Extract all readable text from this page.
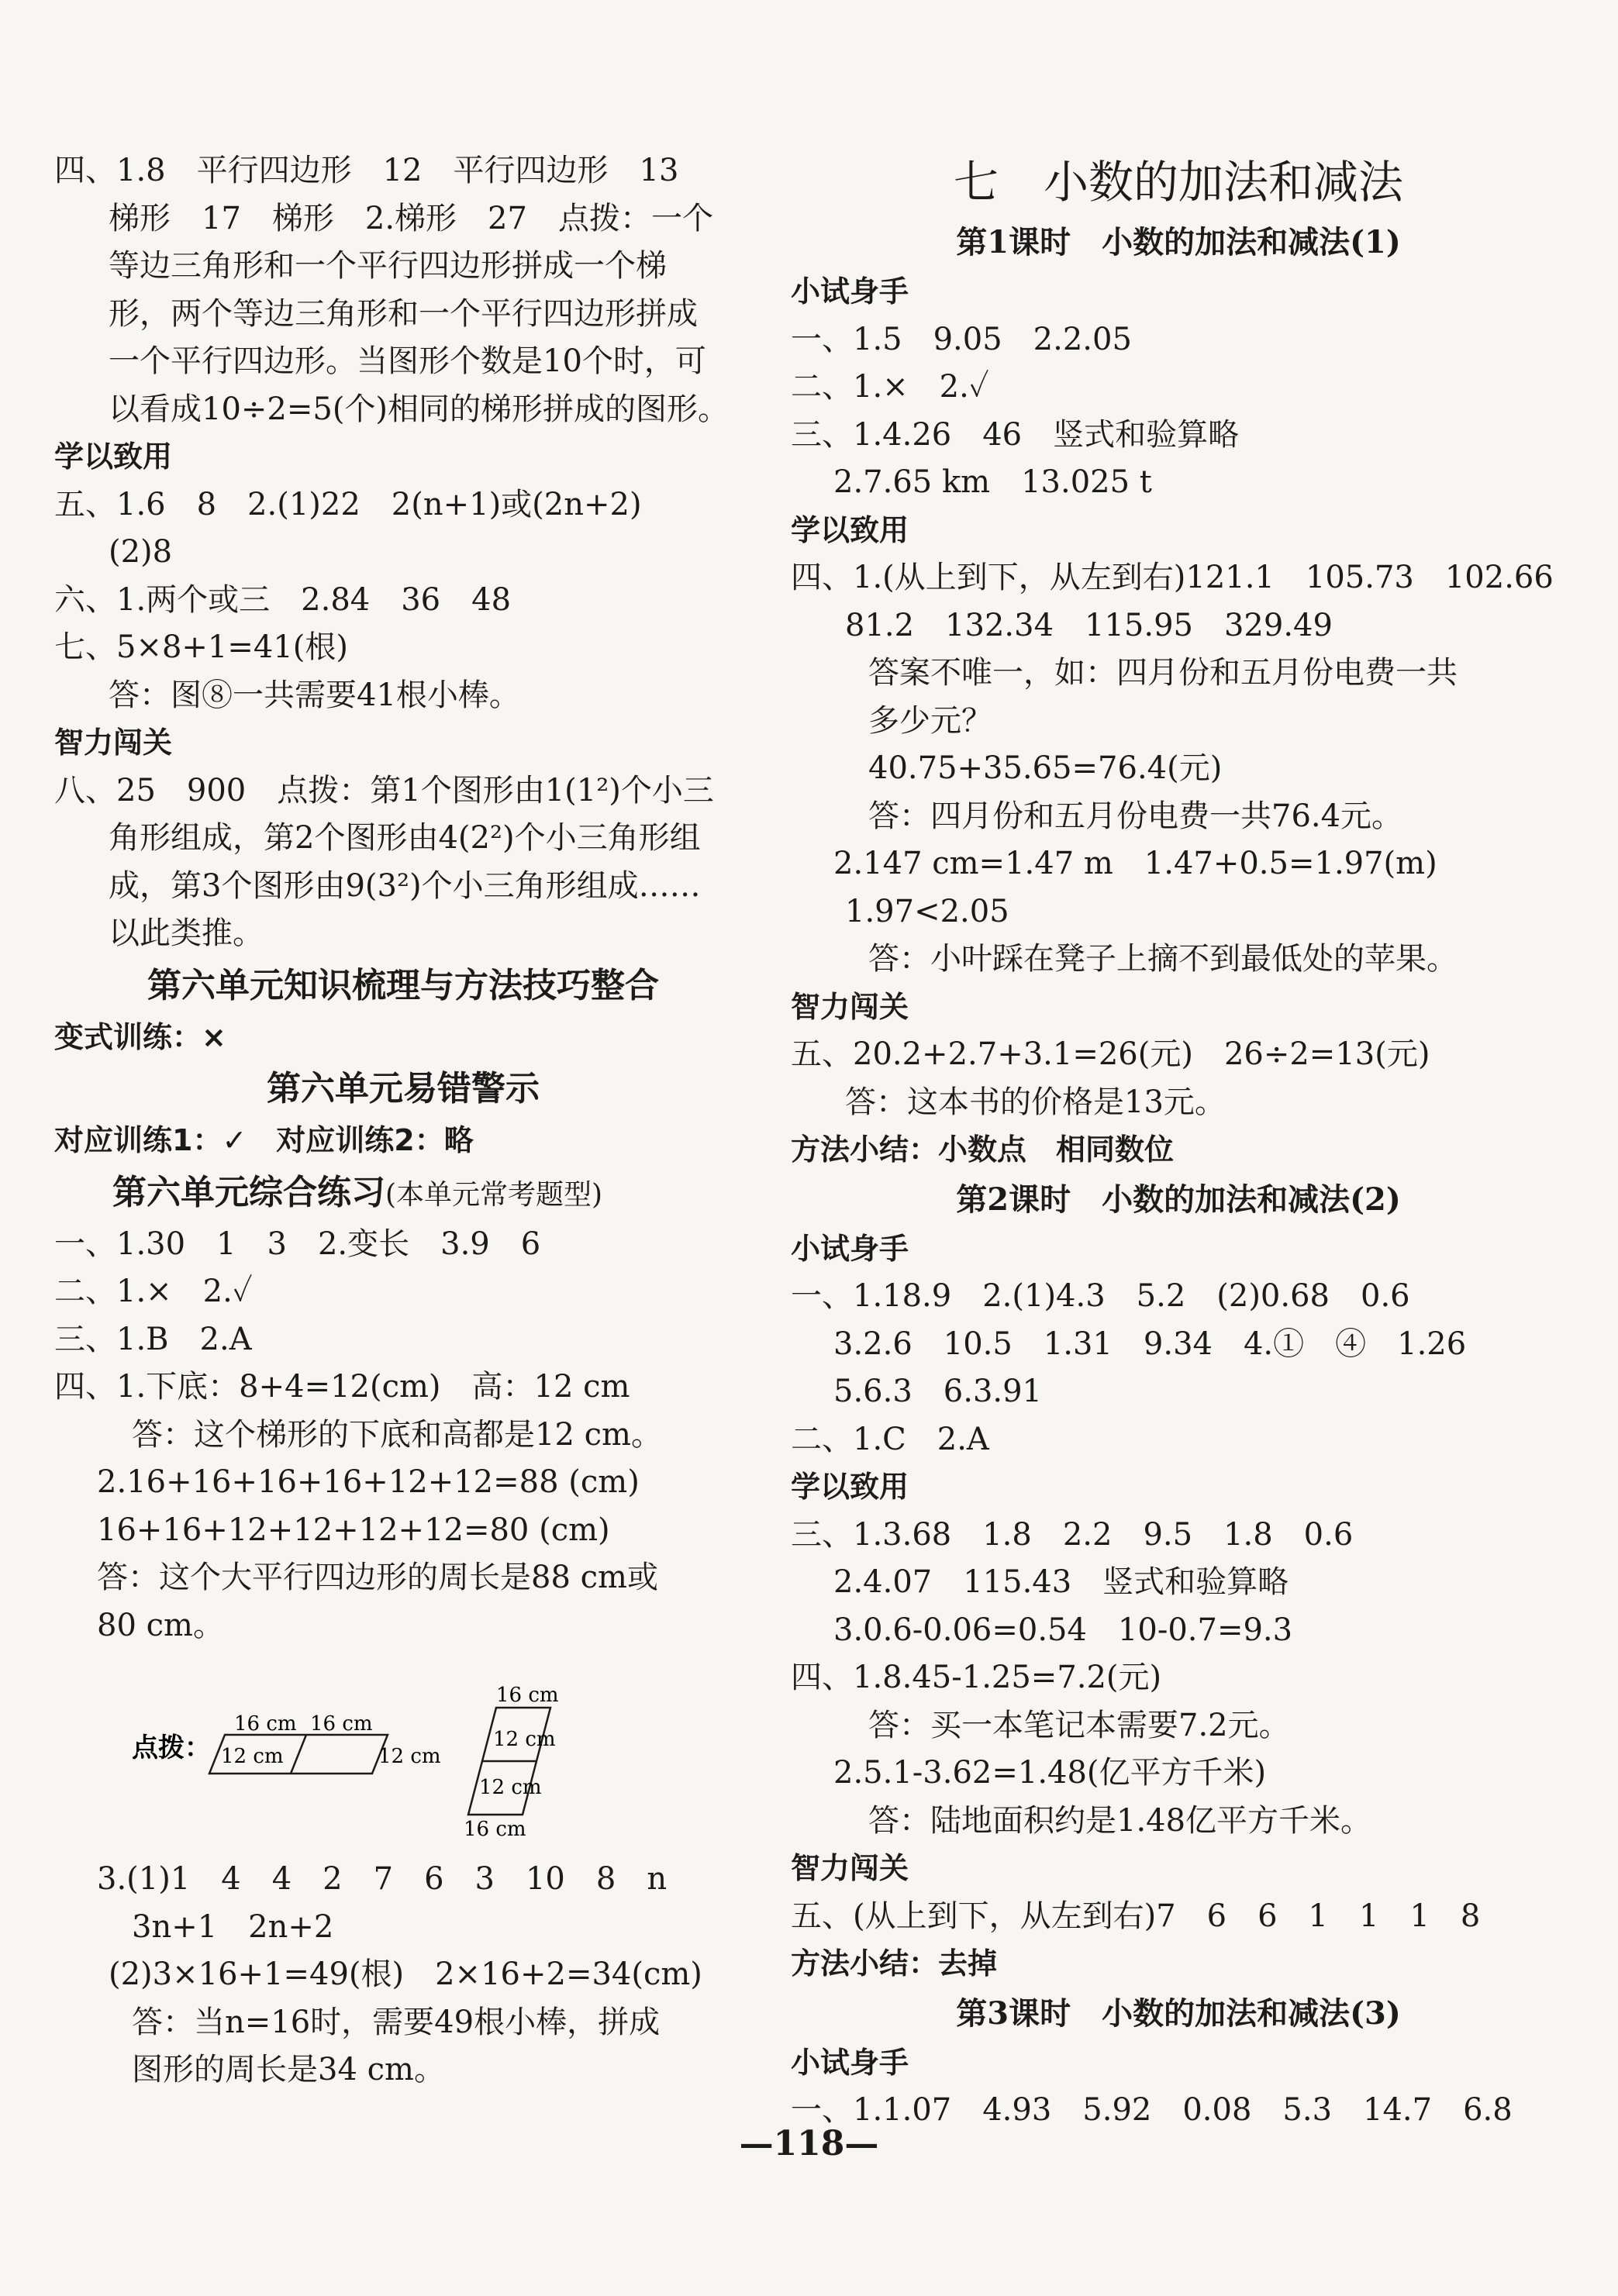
四、1.8　平行四边形　12　平行四边形　13
梯形　17　梯形　2.梯形　27　点拨：一个
等边三角形和一个平行四边形拼成一个梯
形，两个等边三角形和一个平行四边形拼成
一个平行四边形。当图形个数是10个时，可
以看成10÷2=5(个)相同的梯形拼成的图形。
学以致用
五、1.6　8　2.(1)22　2(n+1)或(2n+2)
(2)8
六、1.两个或三　2.84　36　48
七、5×8+1=41(根)
答：图⑧一共需要41根小棒。
智力闯关
八、25　900　点拨：第1个图形由1(1²)个小三
角形组成，第2个图形由4(2²)个小三角形组
成，第3个图形由9(3²)个小三角形组成……
以此类推。
第六单元知识梳理与方法技巧整合
变式训练：×
第六单元易错警示
对应训练1：✓　对应训练2：略
第六单元综合练习(本单元常考题型)
一、1.30　1　3　2.变长　3.9　6
二、1.×　2.✓
三、1.B　2.A
四、1.下底：8+4=12(cm)　高：12 cm
答：这个梯形的下底和高都是12 cm。
2.16+16+16+16+12+12=88 (cm)
16+16+12+12+12+12=80 (cm)
答：这个大平行四边形的周长是88 cm或
80 cm。
点拨：
16 cm 16 cm
12 cm	12 cm
16 cm
12 cm
12 cm
16 cm
3.(1)1　4　4　2　7　6　3　10　8　n
3n+1　2n+2
(2)3×16+1=49(根)　2×16+2=34(cm)
答：当n=16时，需要49根小棒，拼成
图形的周长是34 cm。
七　小数的加法和减法
第1课时　小数的加法和减法(1)
小试身手
一、1.5　9.05　2.2.05
二、1.×　2.✓
三、1.4.26　46　竖式和验算略
2.7.65 km　13.025 t
学以致用
四、1.(从上到下，从左到右)121.1　105.73　102.66
81.2　132.34　115.95　329.49
答案不唯一，如：四月份和五月份电费一共
多少元？
40.75+35.65=76.4(元)
答：四月份和五月份电费一共76.4元。
2.147 cm=1.47 m　1.47+0.5=1.97(m)
1.97<2.05
答：小叶踩在凳子上摘不到最低处的苹果。
智力闯关
五、20.2+2.7+3.1=26(元)　26÷2=13(元)
答：这本书的价格是13元。
方法小结：小数点　相同数位
第2课时　小数的加法和减法(2)
小试身手
一、1.18.9　2.(1)4.3　5.2　(2)0.68　0.6
3.2.6　10.5　1.31　9.34　4.①　④　1.26
5.6.3　6.3.91
二、1.C　2.A
学以致用
三、1.3.68　1.8　2.2　9.5　1.8　0.6
2.4.07　115.43　竖式和验算略
3.0.6-0.06=0.54　10-0.7=9.3
四、1.8.45-1.25=7.2(元)
答：买一本笔记本需要7.2元。
2.5.1-3.62=1.48(亿平方千米)
答：陆地面积约是1.48亿平方千米。
智力闯关
五、(从上到下，从左到右)7　6　6　1　1　1　8
方法小结：去掉
第3课时　小数的加法和减法(3)
小试身手
一、1.1.07　4.93　5.92　0.08　5.3　14.7　6.8
—118—
